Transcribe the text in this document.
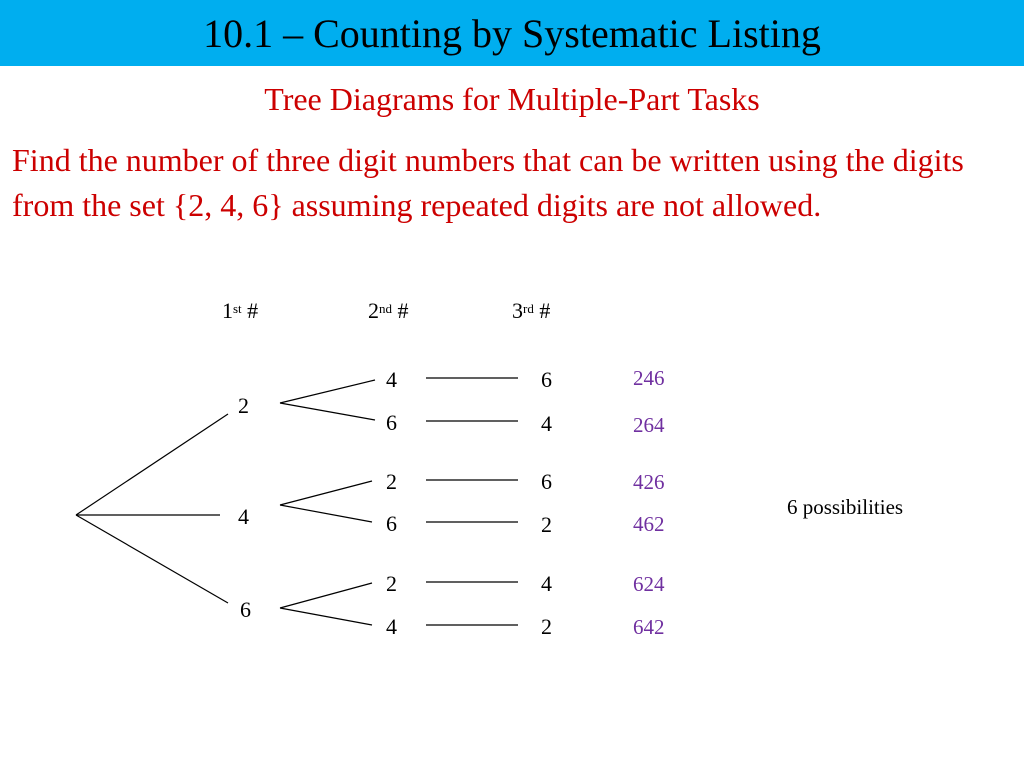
10.1 – Counting by Systematic Listing
Tree Diagrams for Multiple-Part Tasks
Find the number of three digit numbers that can be written using the digits from the set {2, 4, 6} assuming repeated digits are not allowed.
1st #	2nd #	3rd #
2
4
6
4
6
2
6
2
4
6
4
6
2
4
2
246
264
426
462
624
642
6 possibilities
